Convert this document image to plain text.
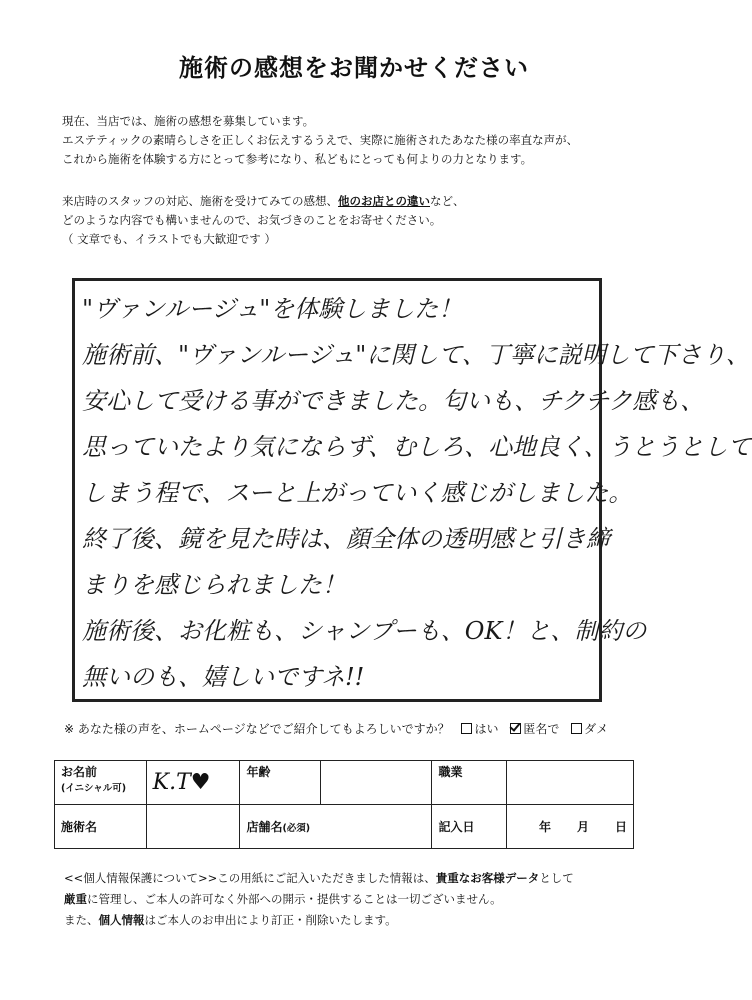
施術の感想をお聞かせください
現在、当店では、施術の感想を募集しています。
エステティックの素晴らしさを正しくお伝えするうえで、実際に施術されたあなた様の率直な声が、
これから施術を体験する方にとって参考になり、私どもにとっても何よりの力となります。
来店時のスタッフの対応、施術を受けてみての感想、他のお店との違いなど、
どのような内容でも構いませんので、お気づきのことをお寄せください。
（ 文章でも、イラストでも大歓迎です ）
"ヴァンルージュ"を体験しました！
施術前、"ヴァンルージュ"に関して、丁寧に説明して下さり、
安心して受ける事ができました。匂いも、チクチク感も、
思っていたより気にならず、むしろ、心地良く、うとうとして
しまう程で、スーと上がっていく感じがしました。
終了後、鏡を見た時は、顔全体の透明感と引き締
まりを感じられました！
施術後、お化粧も、シャンプーも、OK！と、制約の
無いのも、嬉しいですネ!!
※ あなた様の声を、ホームページなどでご紹介してもよろしいですか？ はい 匿名で ダメ
お名前
(イニシャル可)	K.T♥	年齢		職業	
施術名		店舗名(必須)		記入日	年 月 日
<<個人情報保護について>>この用紙にご記入いただきました情報は、貴重なお客様データとして
厳重に管理し、ご本人の許可なく外部への開示・提供することは一切ございません。
また、個人情報はご本人のお申出により訂正・削除いたします。
